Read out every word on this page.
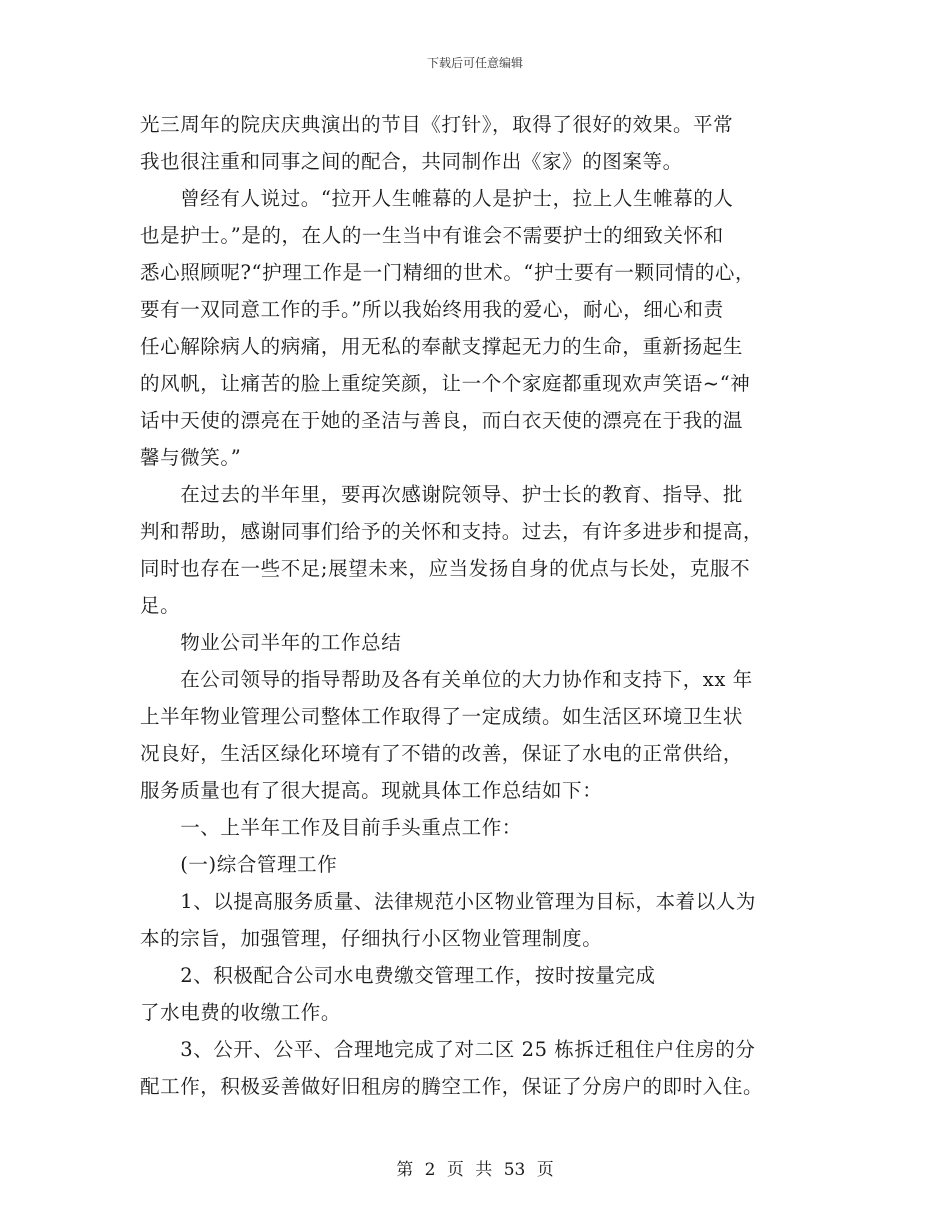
下载后可任意编辑
光三周年的院庆庆典演出的节目《打针》，取得了很好的效果。平常
我也很注重和同事之间的配合，共同制作出《家》的图案等。
　　曾经有人说过。“拉开人生帷幕的人是护士，拉上人生帷幕的人
也是护士。”是的，在人的一生当中有谁会不需要护士的细致关怀和
悉心照顾呢?“护理工作是一门精细的世术。“护士要有一颗同情的心，
要有一双同意工作的手。”所以我始终用我的爱心，耐心，细心和责
任心解除病人的病痛，用无私的奉献支撑起无力的生命，重新扬起生
的风帆，让痛苦的脸上重绽笑颜，让一个个家庭都重现欢声笑语~“神
话中天使的漂亮在于她的圣洁与善良，而白衣天使的漂亮在于我的温
馨与微笑。”
　　在过去的半年里，要再次感谢院领导、护士长的教育、指导、批
判和帮助，感谢同事们给予的关怀和支持。过去，有许多进步和提高，
同时也存在一些不足;展望未来，应当发扬自身的优点与长处，克服不
足。
　　物业公司半年的工作总结
　　在公司领导的指导帮助及各有关单位的大力协作和支持下，xx 年
上半年物业管理公司整体工作取得了一定成绩。如生活区环境卫生状
况良好，生活区绿化环境有了不错的改善，保证了水电的正常供给，
服务质量也有了很大提高。现就具体工作总结如下：
　　一、上半年工作及目前手头重点工作：
　　(一)综合管理工作
　　1、以提高服务质量、法律规范小区物业管理为目标，本着以人为
本的宗旨，加强管理，仔细执行小区物业管理制度。
　　2、积极配合公司水电费缴交管理工作，按时按量完成
了水电费的收缴工作。
　　3、公开、公平、合理地完成了对二区 25 栋拆迁租住户住房的分
配工作，积极妥善做好旧租房的腾空工作，保证了分房户的即时入住。
第 2 页 共 53 页
